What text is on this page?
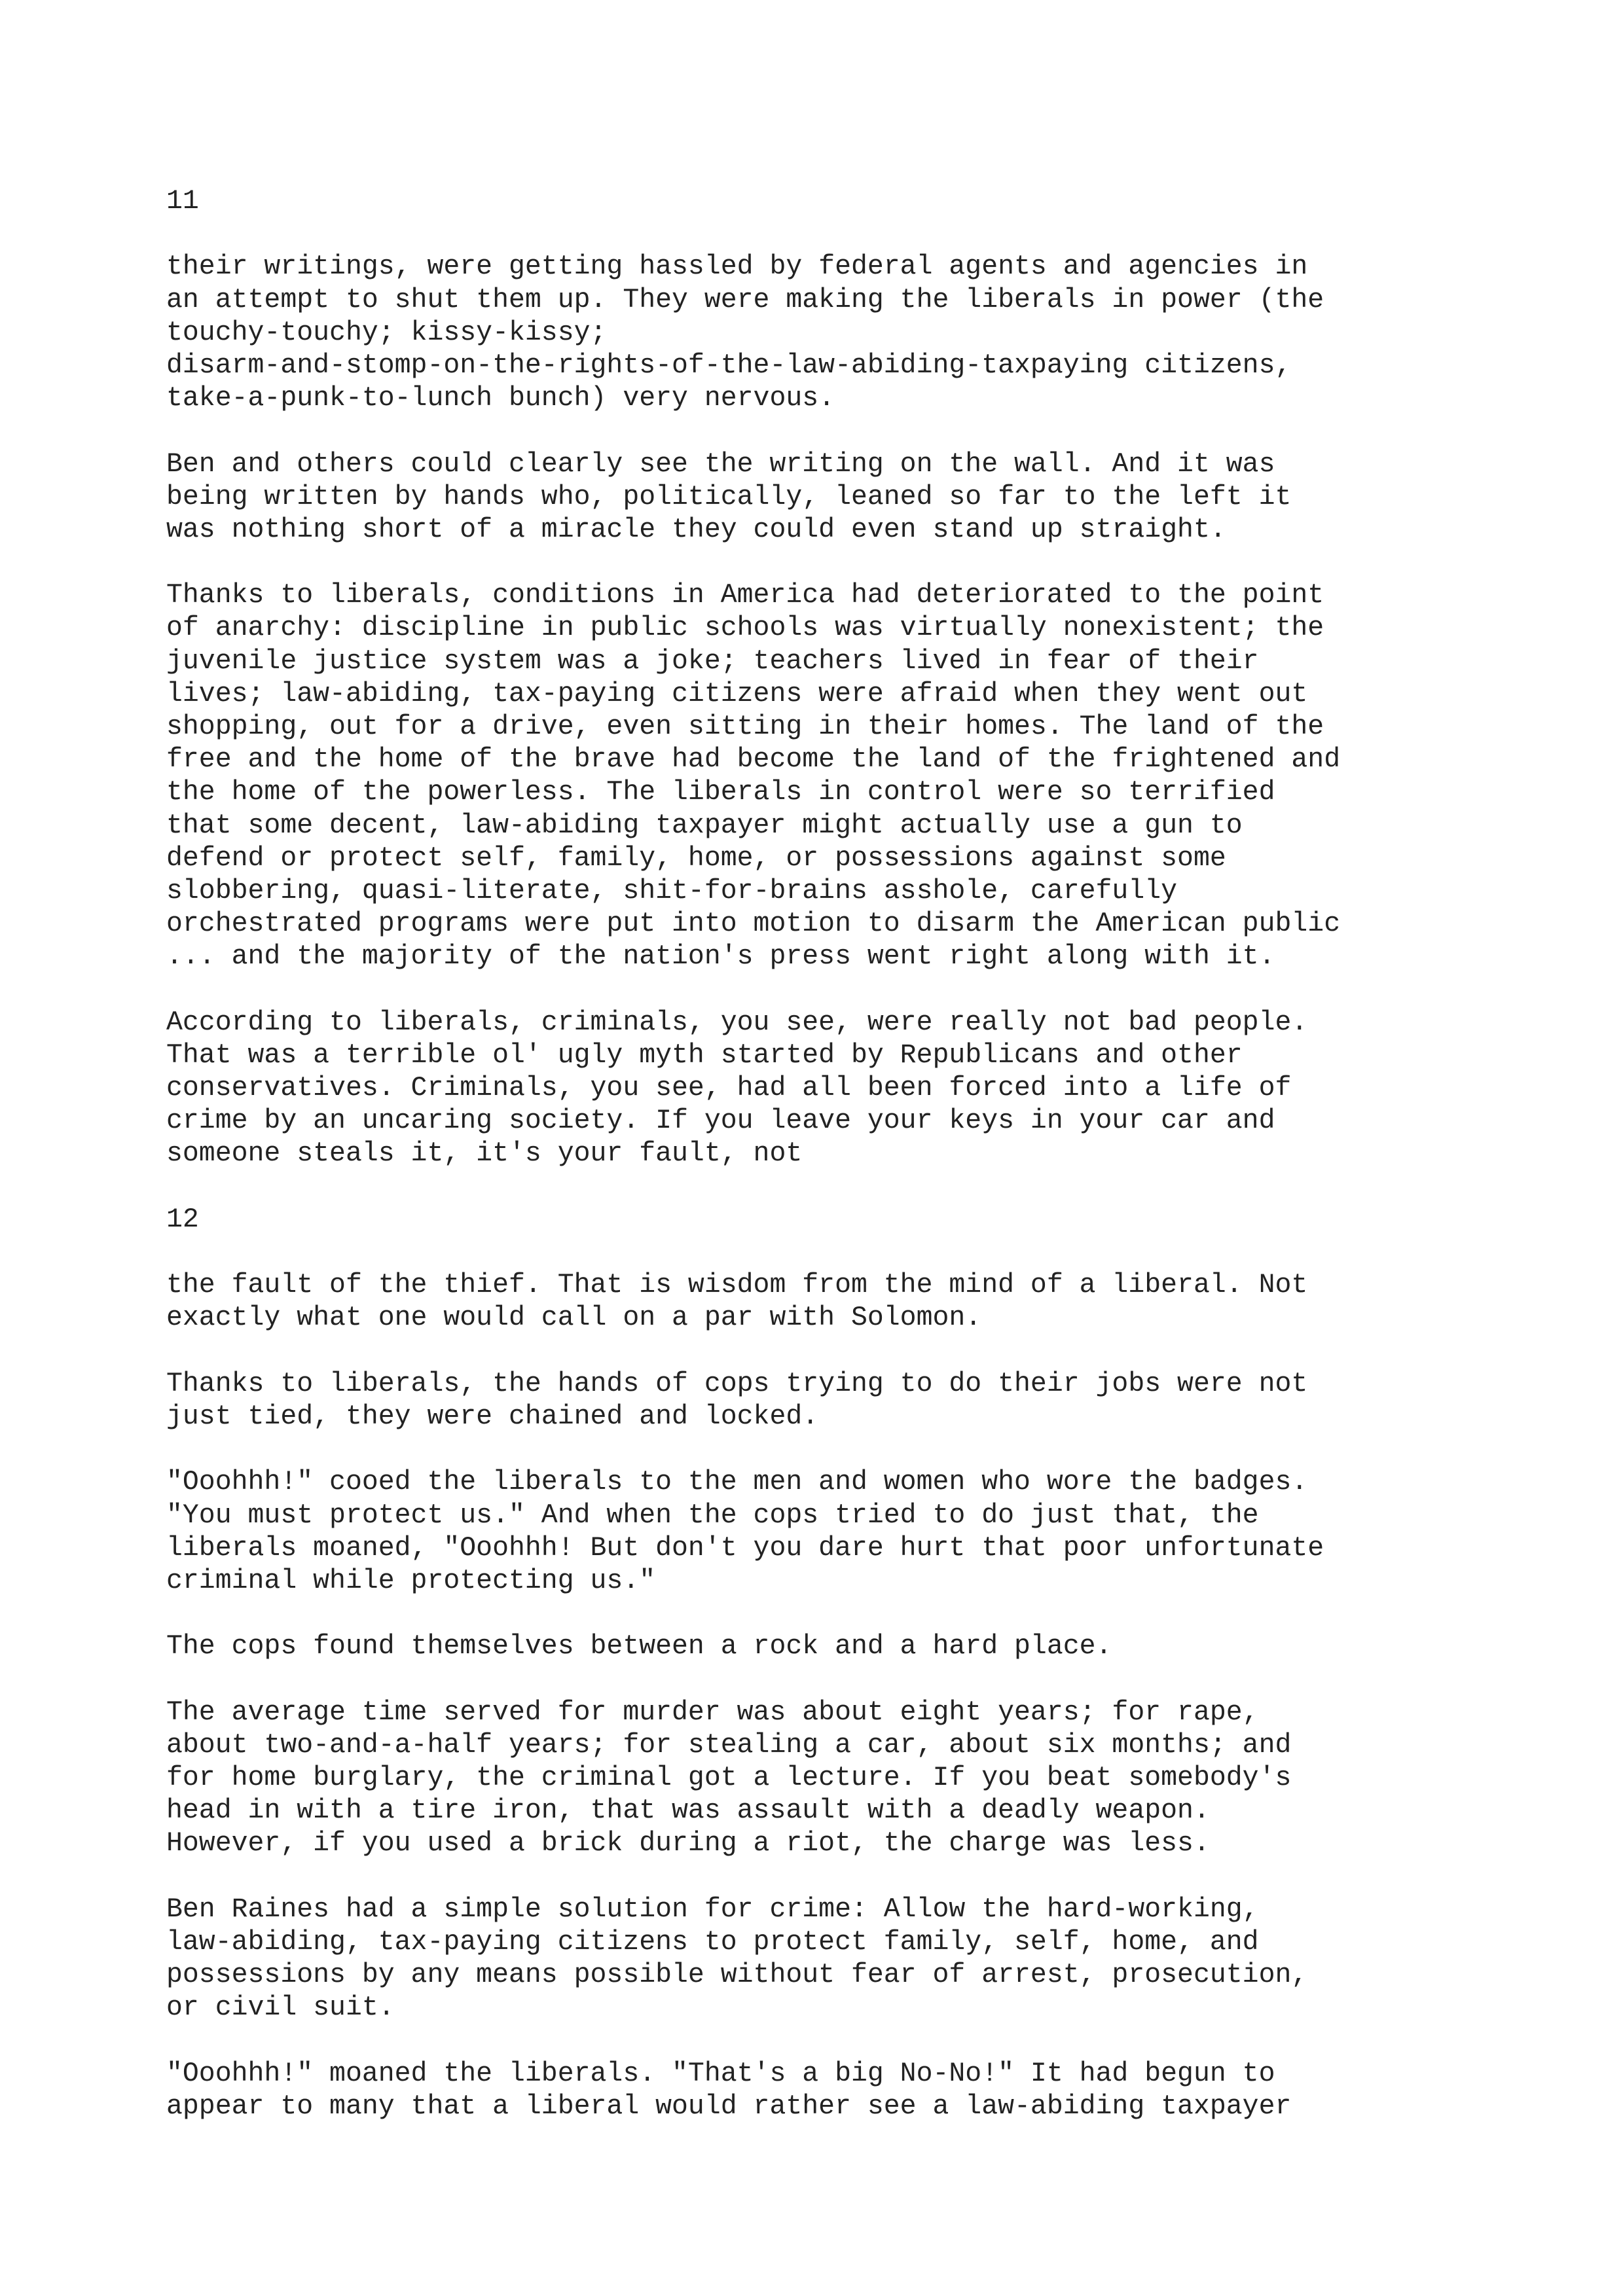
11
their writings, were getting hassled by federal agents and agencies in
an attempt to shut them up. They were making the liberals in power (the
touchy-touchy; kissy-kissy;
disarm-and-stomp-on-the-rights-of-the-law-abiding-taxpaying citizens,
take-a-punk-to-lunch bunch) very nervous.
Ben and others could clearly see the writing on the wall. And it was
being written by hands who, politically, leaned so far to the left it
was nothing short of a miracle they could even stand up straight.
Thanks to liberals, conditions in America had deteriorated to the point
of anarchy: discipline in public schools was virtually nonexistent; the
juvenile justice system was a joke; teachers lived in fear of their
lives; law-abiding, tax-paying citizens were afraid when they went out
shopping, out for a drive, even sitting in their homes. The land of the
free and the home of the brave had become the land of the frightened and
the home of the powerless. The liberals in control were so terrified
that some decent, law-abiding taxpayer might actually use a gun to
defend or protect self, family, home, or possessions against some
slobbering, quasi-literate, shit-for-brains asshole, carefully
orchestrated programs were put into motion to disarm the American public
... and the majority of the nation's press went right along with it.
According to liberals, criminals, you see, were really not bad people.
That was a terrible ol' ugly myth started by Republicans and other
conservatives. Criminals, you see, had all been forced into a life of
crime by an uncaring society. If you leave your keys in your car and
someone steals it, it's your fault, not
12
the fault of the thief. That is wisdom from the mind of a liberal. Not
exactly what one would call on a par with Solomon.
Thanks to liberals, the hands of cops trying to do their jobs were not
just tied, they were chained and locked.
"Ooohhh!" cooed the liberals to the men and women who wore the badges.
"You must protect us." And when the cops tried to do just that, the
liberals moaned, "Ooohhh! But don't you dare hurt that poor unfortunate
criminal while protecting us."
The cops found themselves between a rock and a hard place.
The average time served for murder was about eight years; for rape,
about two-and-a-half years; for stealing a car, about six months; and
for home burglary, the criminal got a lecture. If you beat somebody's
head in with a tire iron, that was assault with a deadly weapon.
However, if you used a brick during a riot, the charge was less.
Ben Raines had a simple solution for crime: Allow the hard-working,
law-abiding, tax-paying citizens to protect family, self, home, and
possessions by any means possible without fear of arrest, prosecution,
or civil suit.
"Ooohhh!" moaned the liberals. "That's a big No-No!" It had begun to
appear to many that a liberal would rather see a law-abiding taxpayer
